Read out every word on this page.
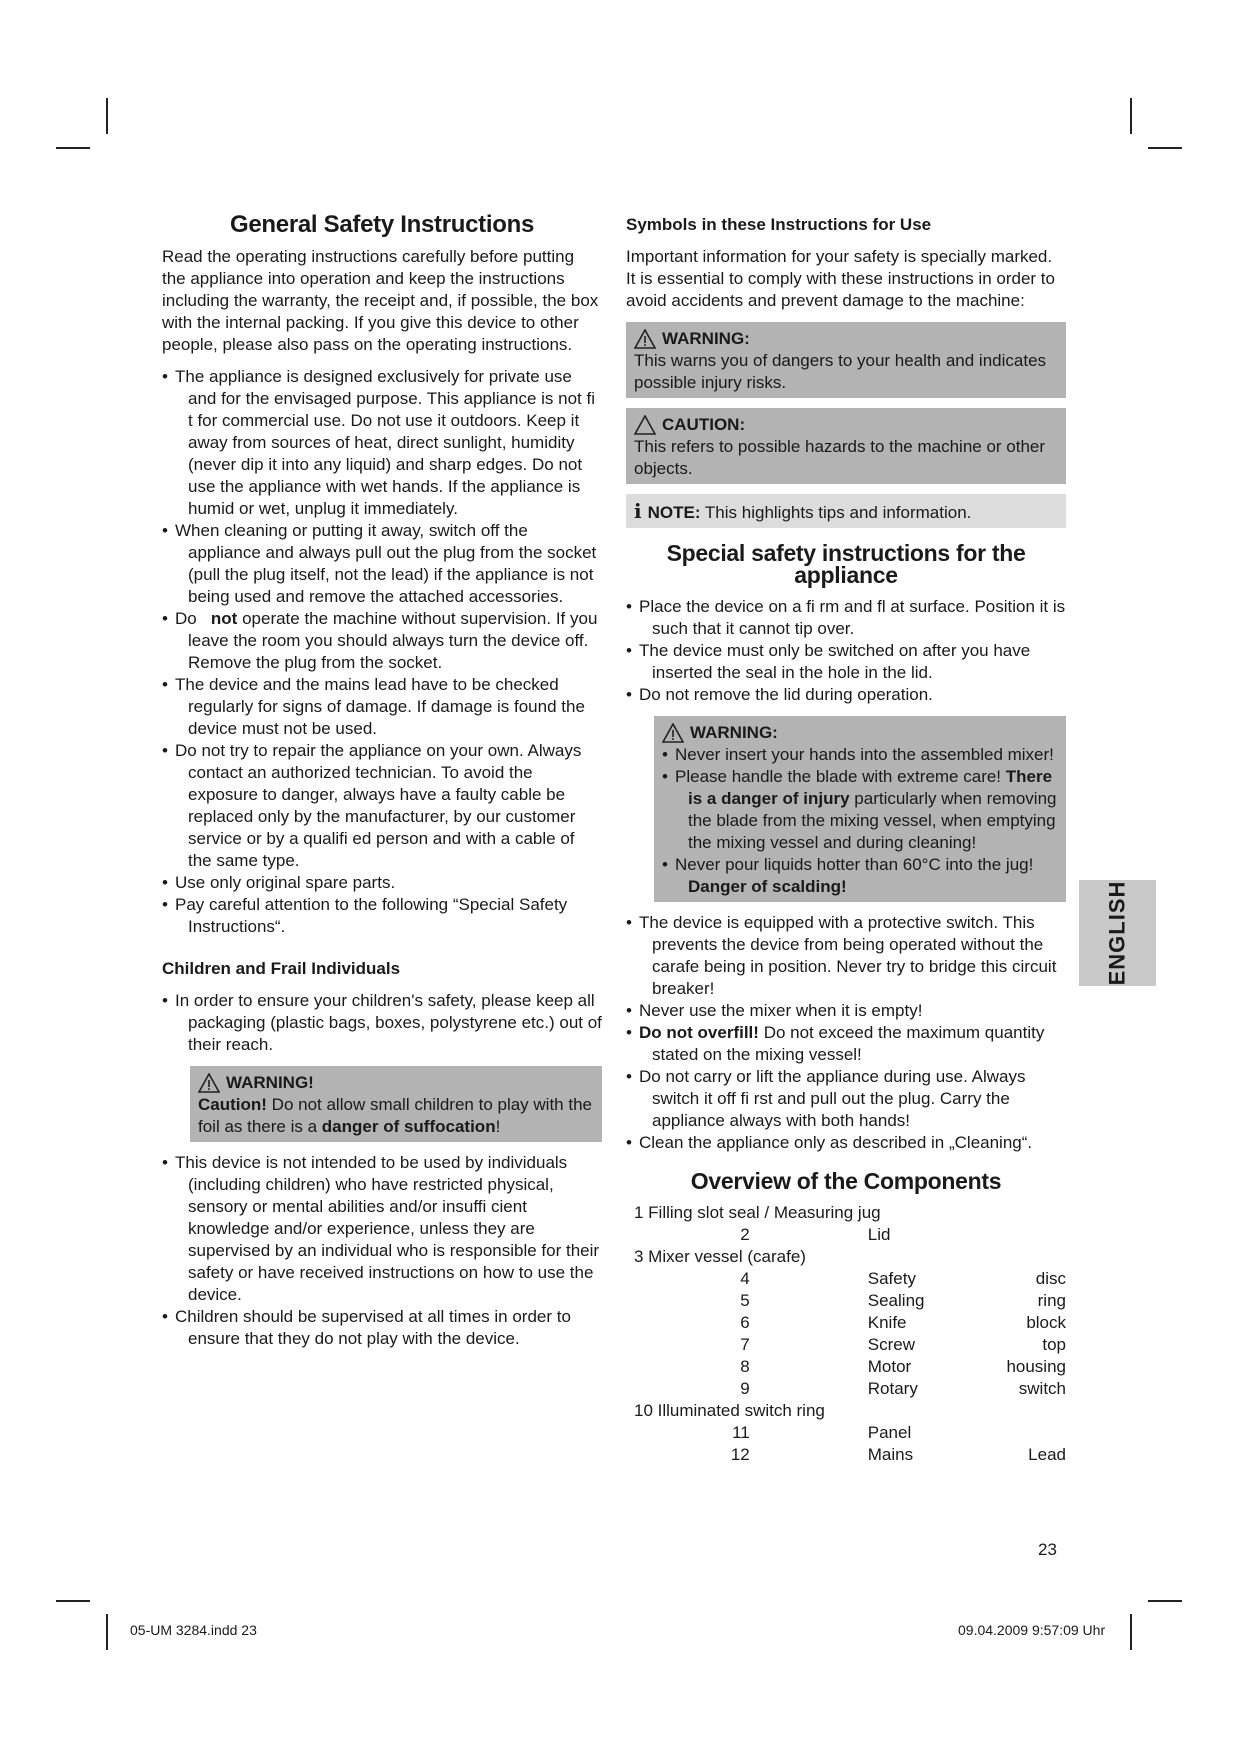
General Safety Instructions

Read the operating instructions carefully before putting the appliance into operation and keep the instructions including the warranty, the receipt and, if possible, the box with the internal packing. If you give this device to other people, please also pass on the operating instructions.

• The appliance is designed exclusively for private use and for the envisaged purpose. This appliance is not fi t for commercial use. Do not use it outdoors. Keep it away from sources of heat, direct sunlight, humidity (never dip it into any liquid) and sharp edges. Do not use the appliance with wet hands. If the appliance is humid or wet, unplug it immediately.
• When cleaning or putting it away, switch off the appliance and always pull out the plug from the socket (pull the plug itself, not the lead) if the appliance is not being used and remove the attached accessories.
• Do not operate the machine without supervision. If you leave the room you should always turn the device off. Remove the plug from the socket.
• The device and the mains lead have to be checked regularly for signs of damage. If damage is found the device must not be used.
• Do not try to repair the appliance on your own. Always contact an authorized technician. To avoid the exposure to danger, always have a faulty cable be replaced only by the manufacturer, by our customer service or by a qualifi ed person and with a cable of the same type.
• Use only original spare parts.
• Pay careful attention to the following “Special Safety Instructions“.
Children and Frail Individuals
• In order to ensure your children's safety, please keep all packaging (plastic bags, boxes, polystyrene etc.) out of their reach.
WARNING!
Caution! Do not allow small children to play with the foil as there is a danger of suffocation!
• This device is not intended to be used by individuals (including children) who have restricted physical, sensory or mental abilities and/or insuffi cient knowledge and/or experience, unless they are supervised by an individual who is responsible for their safety or have received instructions on how to use the device.
• Children should be supervised at all times in order to ensure that they do not play with the device.
Symbols in these Instructions for Use

Important information for your safety is specially marked. It is essential to comply with these instructions in order to avoid accidents and prevent damage to the machine:

WARNING:
This warns you of dangers to your health and indicates possible injury risks.
CAUTION:
This refers to possible hazards to the machine or other objects.
i NOTE: This highlights tips and information.
Special safety instructions for the appliance
• Place the device on a fi rm and fl at surface. Position it is such that it cannot tip over.
• The device must only be switched on after you have inserted the seal in the hole in the lid.
• Do not remove the lid during operation.
WARNING:
• Never insert your hands into the assembled mixer!
• Please handle the blade with extreme care! There is a danger of injury particularly when removing the blade from the mixing vessel, when emptying the mixing vessel and during cleaning!
• Never pour liquids hotter than 60°C into the jug!
Danger of scalding!
• The device is equipped with a protective switch. This prevents the device from being operated without the carafe being in position. Never try to bridge this circuit breaker!
• Never use the mixer when it is empty!
• Do not overfill! Do not exceed the maximum quantity stated on the mixing vessel!
• Do not carry or lift the appliance during use. Always switch it off fi rst and pull out the plug. Carry the appliance always with both hands!
• Clean the appliance only as described in „Cleaning“.
Overview of the Components
1 Filling slot seal / Measuring jug		
2	Lid	
3 Mixer vessel (carafe)		
4	Safety	disc
5	Sealing	ring
6	Knife	block
7	Screw	top
8	Motor	housing
9	Rotary	switch
10 Illuminated switch ring		
11	Panel	
12	Mains	Lead
ENGLISH
23
05-UM 3284.indd 23	09.04.2009 9:57:09 Uhr
